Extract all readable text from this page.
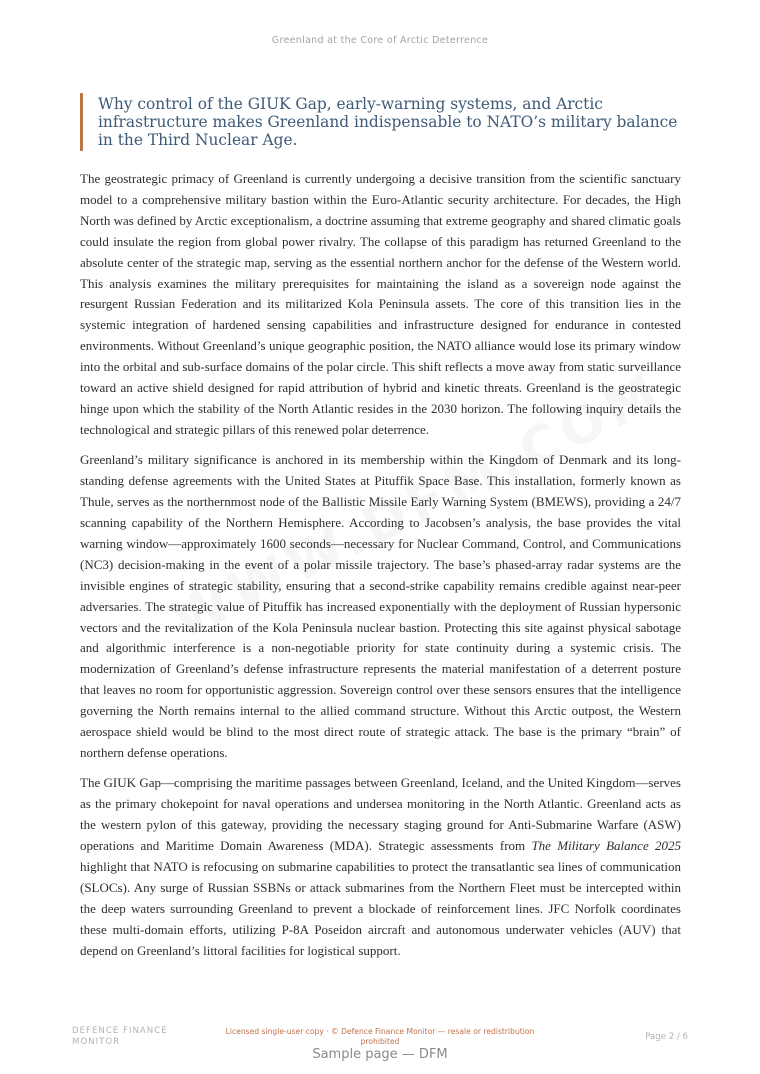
Greenland at the Core of Arctic Deterrence
Why control of the GIUK Gap, early-warning systems, and Arctic infrastructure makes Greenland indispensable to NATO’s military balance in the Third Nuclear Age.

The geostrategic primacy of Greenland is currently undergoing a decisive transition from the scientific sanctuary model to a comprehensive military bastion within the Euro-Atlantic security architecture. For decades, the High North was defined by Arctic exceptionalism, a doctrine assuming that extreme geography and shared climatic goals could insulate the region from global power rivalry. The collapse of this paradigm has returned Greenland to the absolute center of the strategic map, serving as the essential northern anchor for the defense of the Western world. This analysis examines the military prerequisites for maintaining the island as a sovereign node against the resurgent Russian Federation and its militarized Kola Peninsula assets. The core of this transition lies in the systemic integration of hardened sensing capabilities and infrastructure designed for endurance in contested environments. Without Greenland’s unique geographic position, the NATO alliance would lose its primary window into the orbital and sub-surface domains of the polar circle. This shift reflects a move away from static surveillance toward an active shield designed for rapid attribution of hybrid and kinetic threats. Greenland is the geostrategic hinge upon which the stability of the North Atlantic resides in the 2030 horizon. The following inquiry details the technological and strategic pillars of this renewed polar deterrence.

Greenland’s military significance is anchored in its membership within the Kingdom of Denmark and its long-standing defense agreements with the United States at Pituffik Space Base. This installation, formerly known as Thule, serves as the northernmost node of the Ballistic Missile Early Warning System (BMEWS), providing a 24/7 scanning capability of the Northern Hemisphere. According to Jacobsen’s analysis, the base provides the vital warning window—approximately 1600 seconds—necessary for Nuclear Command, Control, and Communications (NC3) decision-making in the event of a polar missile trajectory. The base’s phased-array radar systems are the invisible engines of strategic stability, ensuring that a second-strike capability remains credible against near-peer adversaries. The strategic value of Pituffik has increased exponentially with the deployment of Russian hypersonic vectors and the revitalization of the Kola Peninsula nuclear bastion. Protecting this site against physical sabotage and algorithmic interference is a non-negotiable priority for state continuity during a systemic crisis. The modernization of Greenland’s defense infrastructure represents the material manifestation of a deterrent posture that leaves no room for opportunistic aggression. Sovereign control over these sensors ensures that the intelligence governing the North remains internal to the allied command structure. Without this Arctic outpost, the Western aerospace shield would be blind to the most direct route of strategic attack. The base is the primary “brain” of northern defense operations.

The GIUK Gap—comprising the maritime passages between Greenland, Iceland, and the United Kingdom—serves as the primary chokepoint for naval operations and undersea monitoring in the North Atlantic. Greenland acts as the western pylon of this gateway, providing the necessary staging ground for Anti-Submarine Warfare (ASW) operations and Maritime Domain Awareness (MDA). Strategic assessments from The Military Balance 2025 highlight that NATO is refocusing on submarine capabilities to protect the transatlantic sea lines of communication (SLOCs). Any surge of Russian SSBNs or attack submarines from the Northern Fleet must be intercepted within the deep waters surrounding Greenland to prevent a blockade of reinforcement lines. JFC Norfolk coordinates these multi-domain efforts, utilizing P-8A Poseidon aircraft and autonomous underwater vehicles (AUV) that depend on Greenland’s littoral facilities for logistical support.

DEFENCE FINANCE MONITOR
Licensed single-user copy · © Defence Finance Monitor — resale or redistribution prohibited	Page 2 / 6
Sample page — DFM
